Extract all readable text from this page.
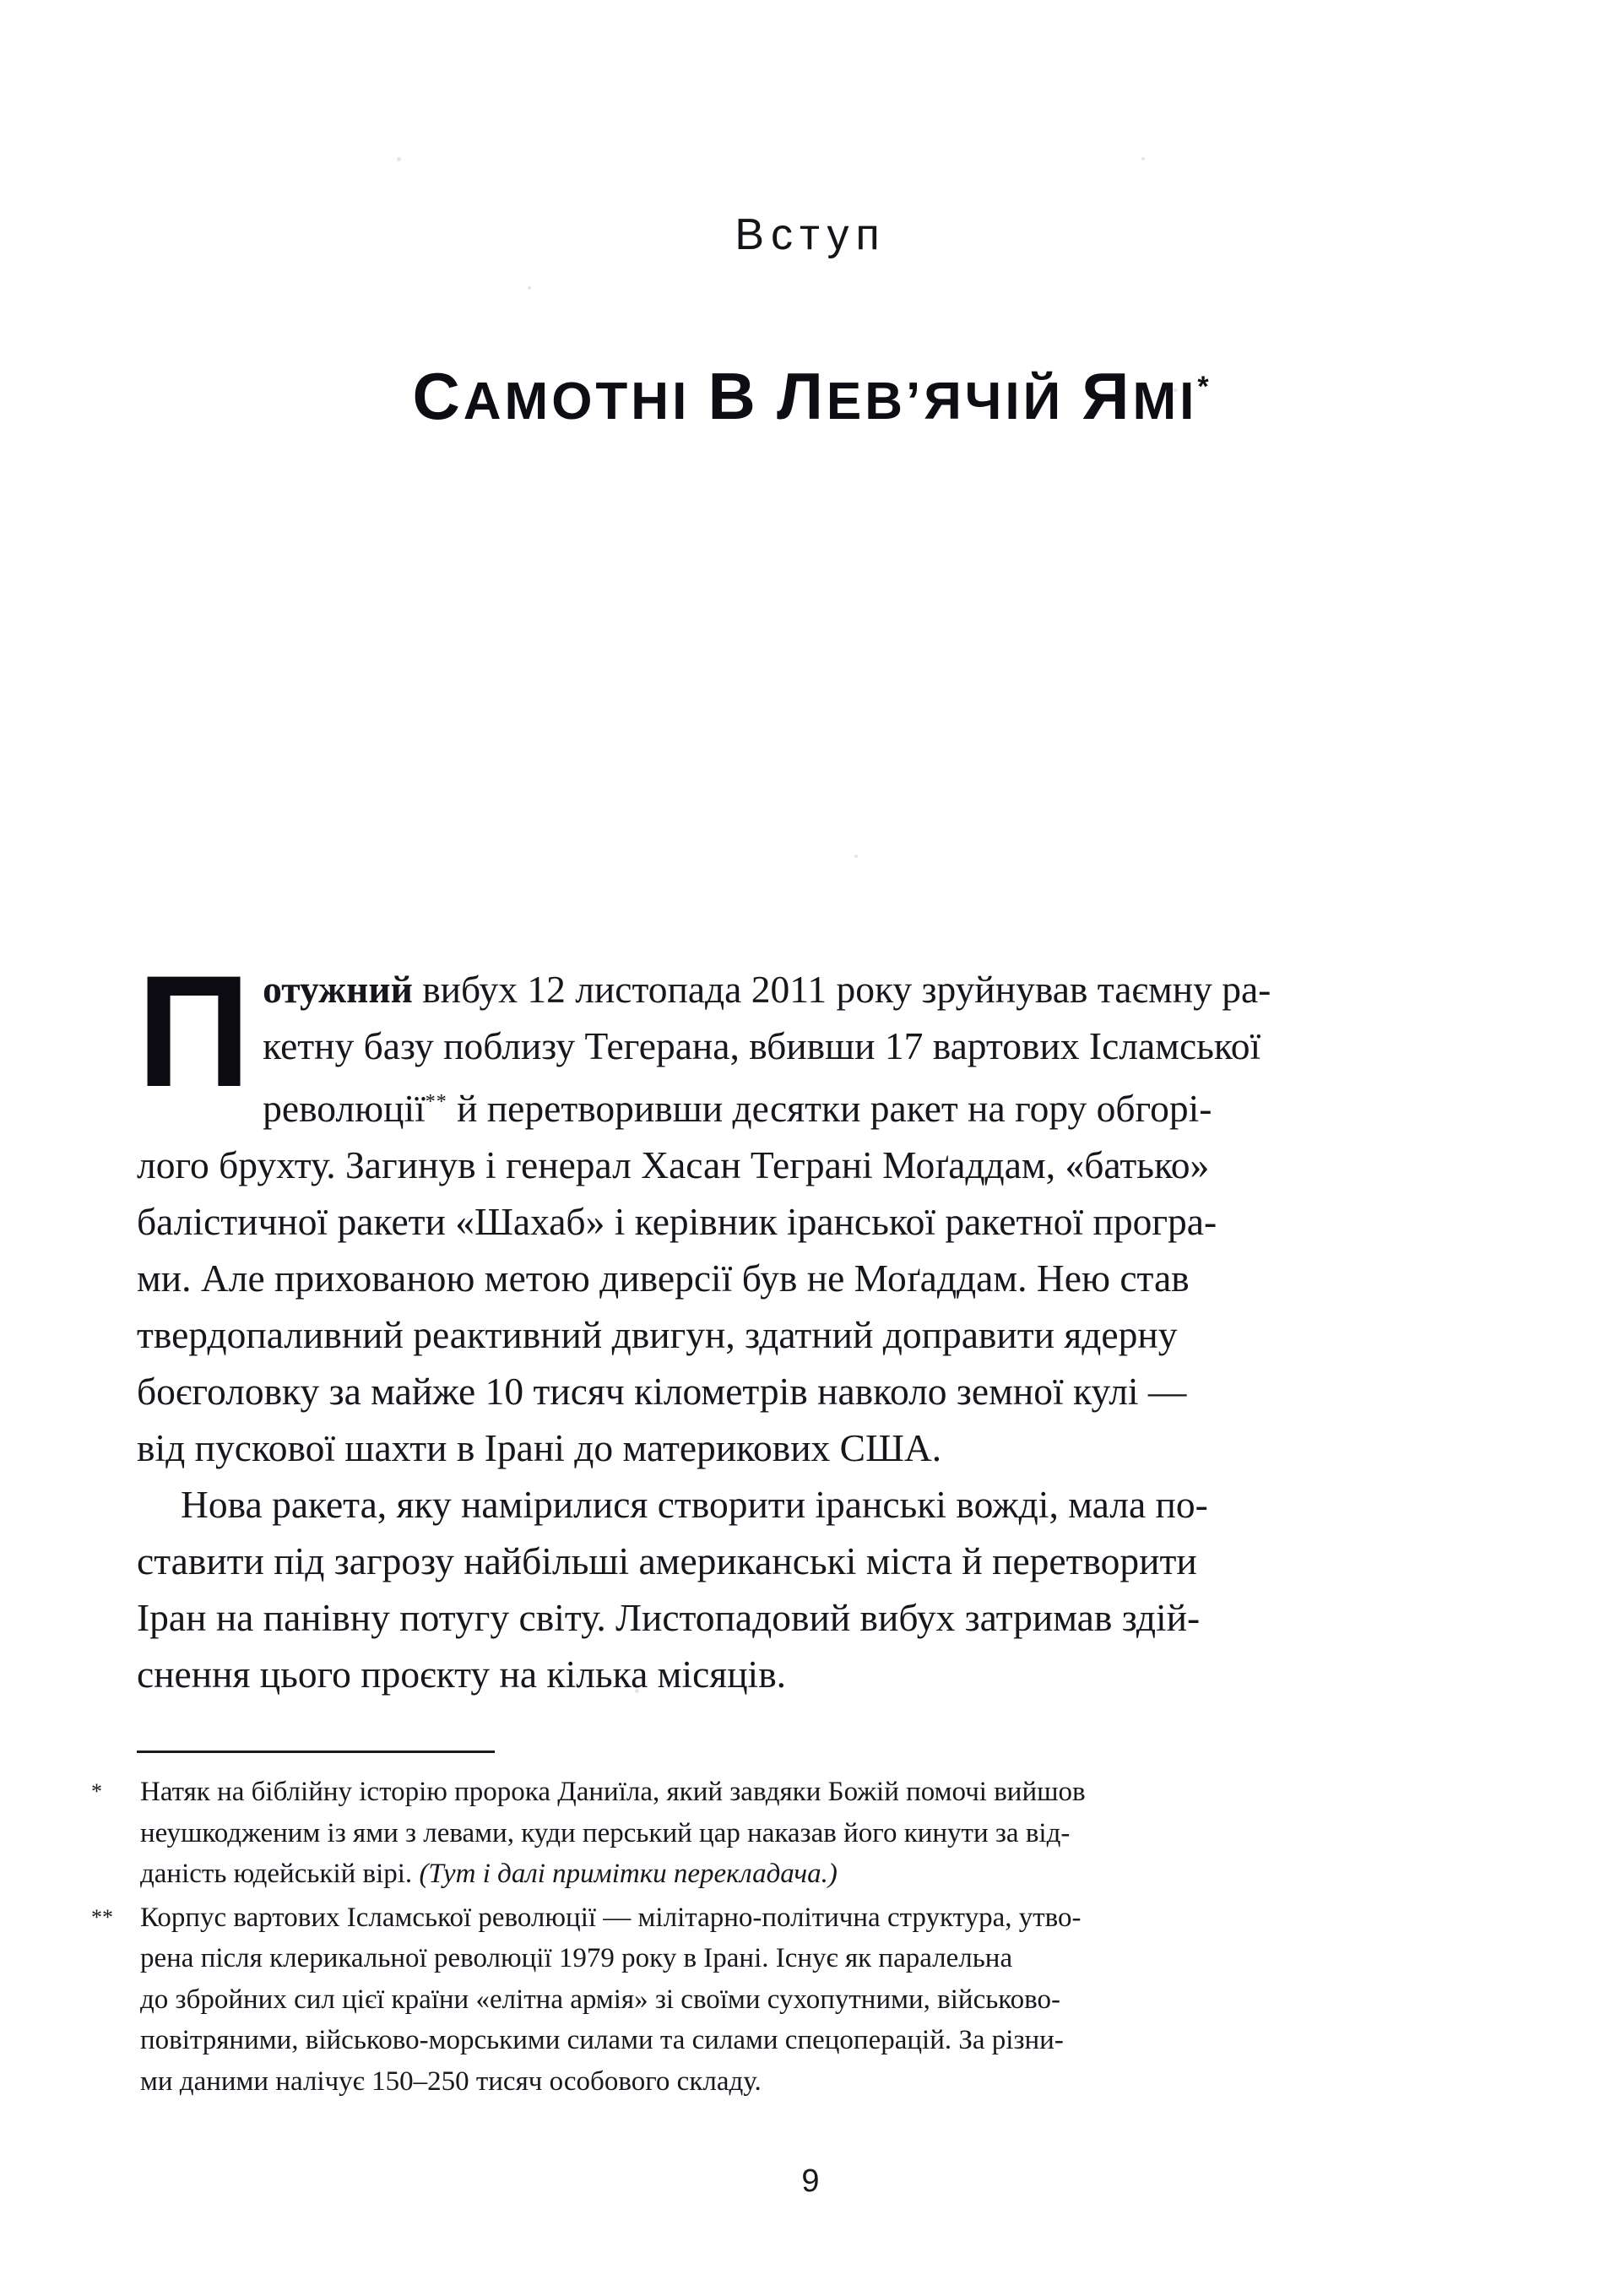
Вступ
САМОТНІ В ЛЕВ’ЯЧІЙ ЯМІ*

Потужний вибух 12 листопада 2011 року зруйнував таємну ра-
кетну базу поблизу Тегерана, вбивши 17 вартових Ісламської
революції** й перетворивши десятки ракет на гору обгорі-
лого брухту. Загинув і генерал Хасан Теграні Моґаддам, «батько»
балістичної ракети «Шахаб» і керівник іранської ракетної програ-
ми. Але прихованою метою диверсії був не Моґаддам. Нею став
твердопаливний реактивний двигун, здатний доправити ядерну
боєголовку за майже 10 тисяч кілометрів навколо земної кулі —
від пускової шахти в Ірані до материкових США.

Нова ракета, яку намірилися створити іранські вожді, мала по-
ставити під загрозу найбільші американські міста й перетворити
Іран на панівну потугу світу. Листопадовий вибух затримав здій-
снення цього проєкту на кілька місяців.

*	Натяк на біблійну історію пророка Даниїла, який завдяки Божій помочі вийшов
неушкодженим із ями з левами, куди перський цар наказав його кинути за від-
даність юдейській вірі. (Тут і далі примітки перекладача.)
** Корпус вартових Ісламської революції — мілітарно-політична структура, утво-
рена після клерикальної революції 1979 року в Ірані. Існує як паралельна
до збройних сил цієї країни «елітна армія» зі своїми сухопутними, військово-
повітряними, військово-морськими силами та силами спецоперацій. За різни-
ми даними налічує 150–250 тисяч особового складу.
9
